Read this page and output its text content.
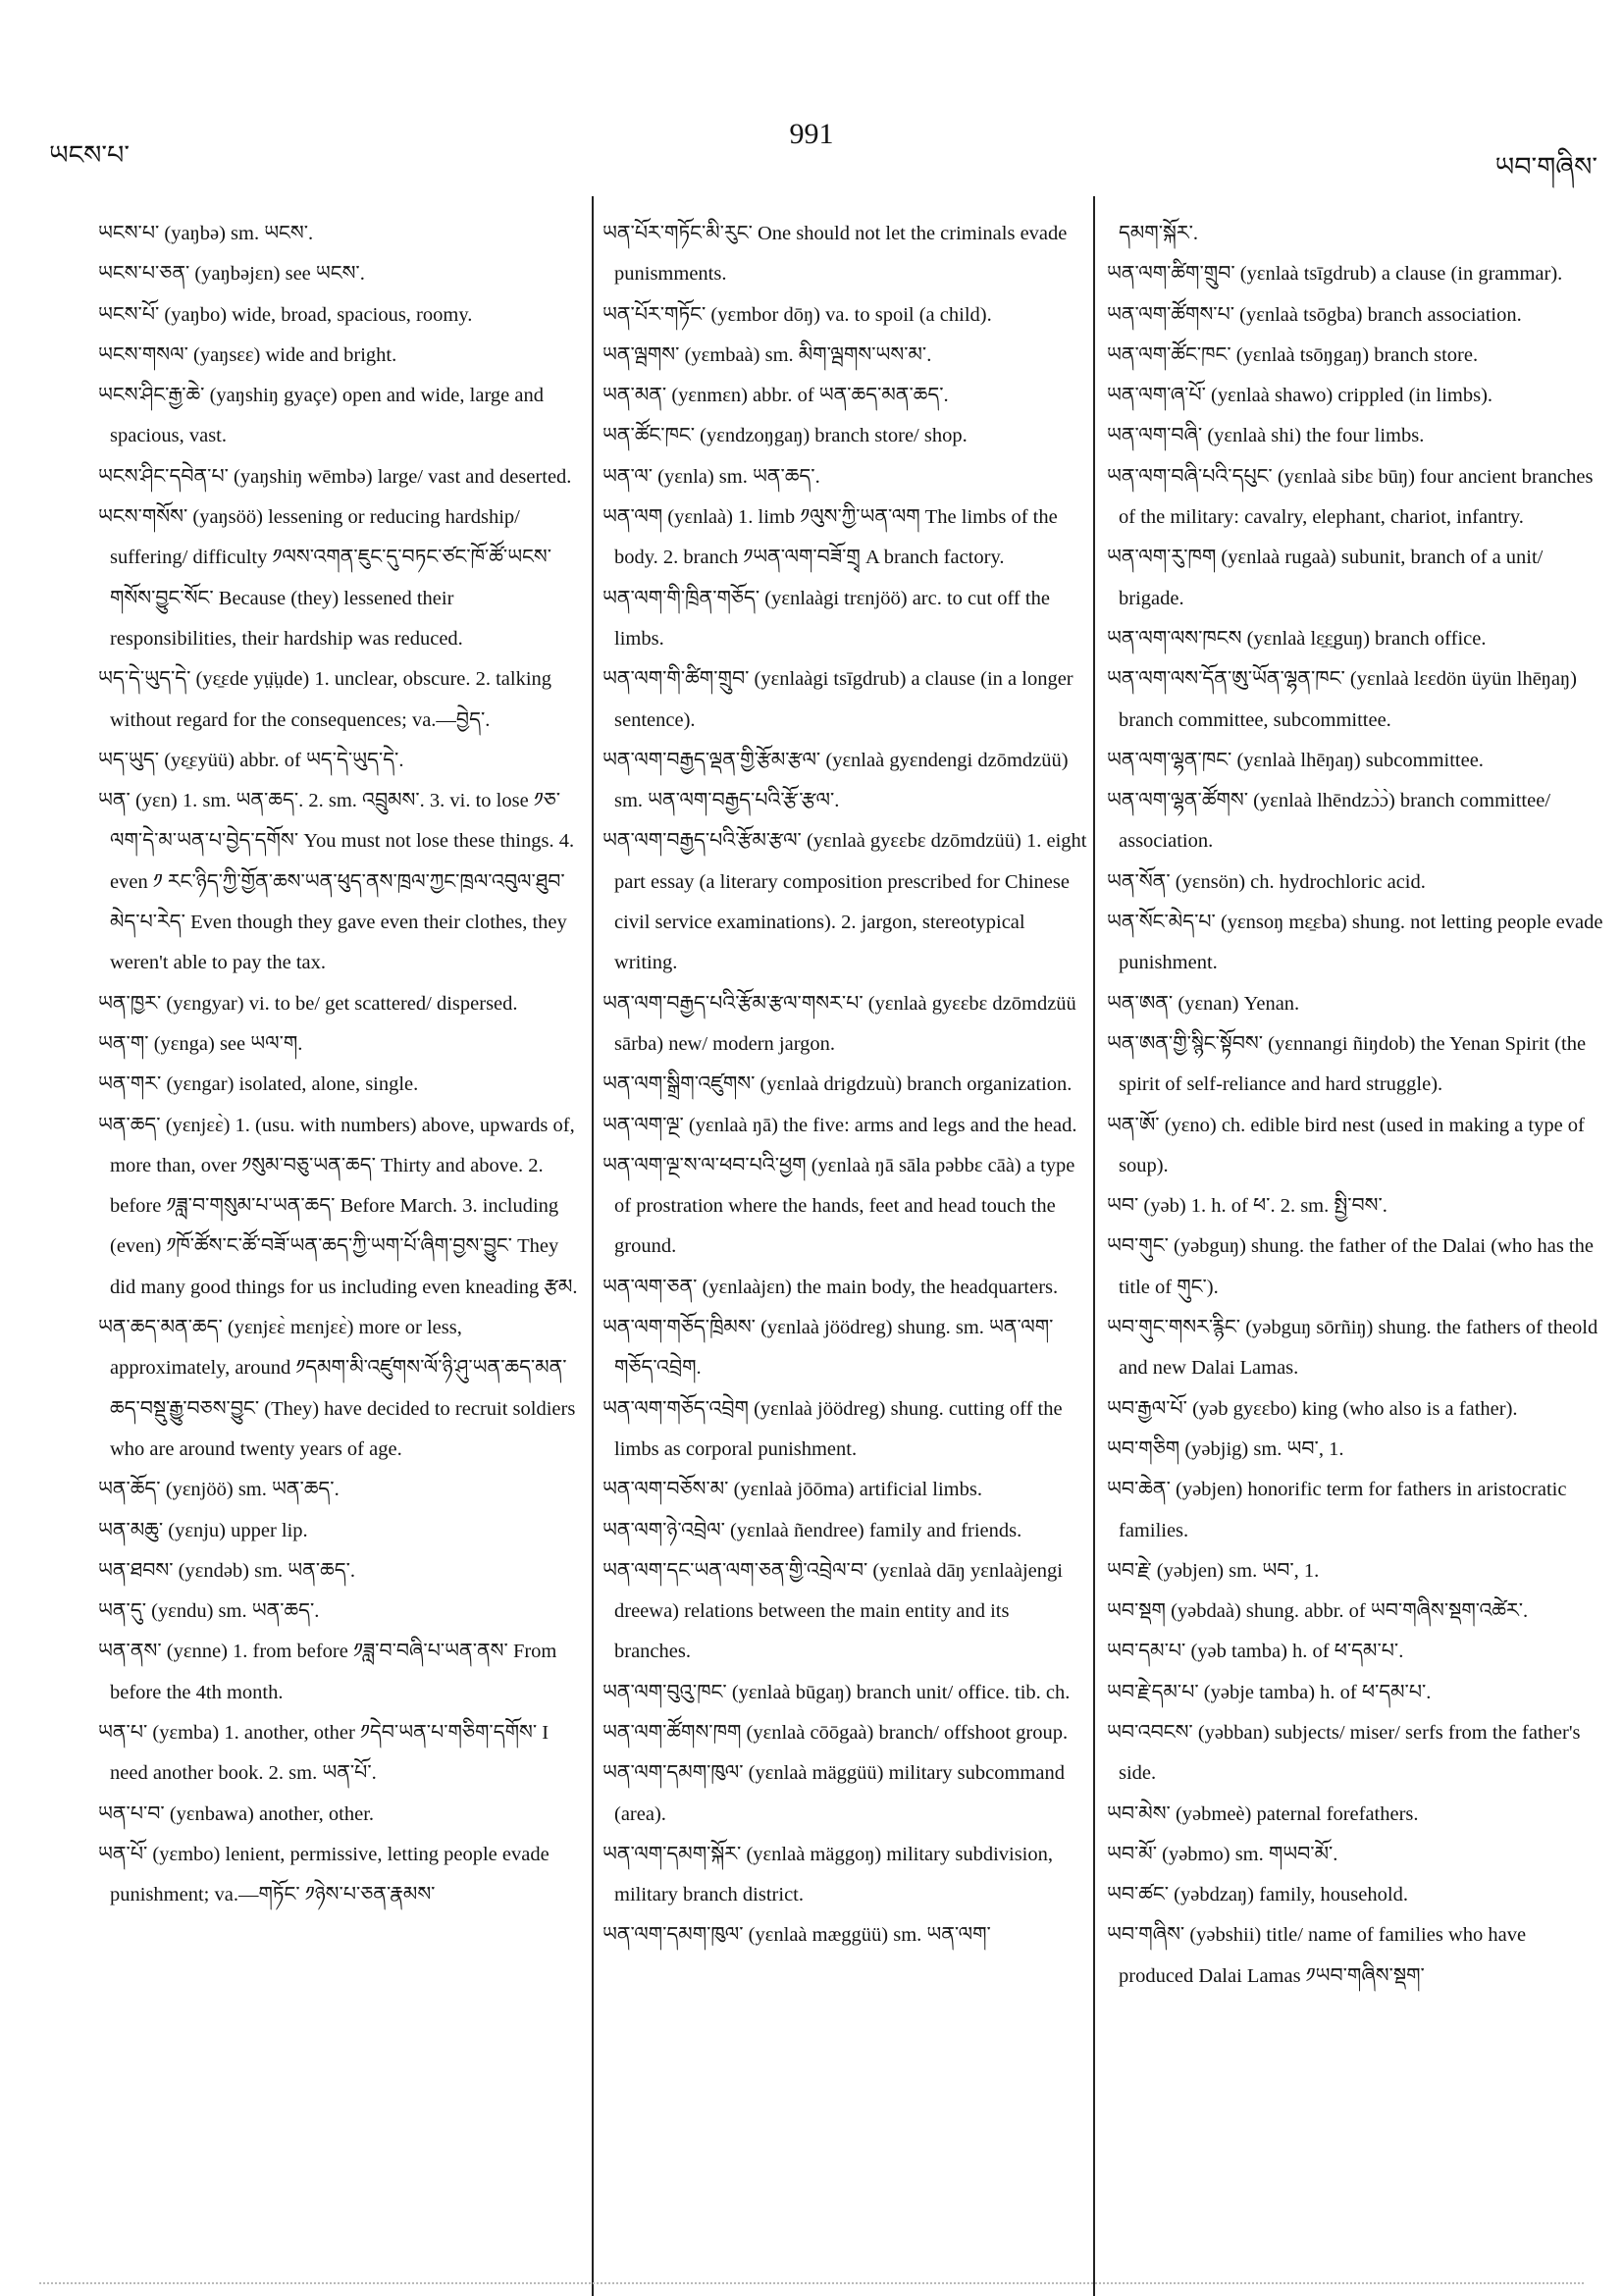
ཡངས་པ་
991
ཡབ་གཞིས་

ཡངས་པ་ (yaŋbə) sm. ཡངས་.

ཡངས་པ་ཅན་ (yaŋbəjɛn) see ཡངས་.

ཡངས་པོ་ (yaŋbo) wide, broad, spacious, roomy.

ཡངས་གསལ་ (yaŋsɛɛ) wide and bright.

ཡངས་ཤིང་རྒྱ་ཆེ་ (yaŋshiŋ gyaçe) open and wide, large and spacious, vast.

ཡངས་ཤིང་དབེན་པ་ (yaŋshiŋ wēmbə) large/ vast and deserted.

ཡངས་གསོས་ (yaŋsöö) lessening or reducing hardship/ suffering/ difficulty ༡ལས་འགན་ཇུང་དུ་བཏང་ཙང་ཁོ་ཚོ་ཡངས་གསོས་བྱུང་སོང་ Because (they) lessened their responsibilities, their hardship was reduced.

ཡད་དེ་ཡུད་དེ་ (yɛ̱ɛde yṳ̈ṳde) 1. unclear, obscure. 2. talking without regard for the consequences; va.—བྱེད་.

ཡད་ཡུད་ (yɛ̱ɛyüü) abbr. of ཡད་དེ་ཡུད་དེ་.

ཡན་ (yɛn) 1. sm. ཡན་ཆད་. 2. sm. འབྲུམས་. 3. vi. to lose ༡ཅ་ལག་དེ་མ་ཡན་པ་བྱེད་དགོས་ You must not lose these things. 4. even ༡ རང་ཉིད་ཀྱི་གྱོན་ཆས་ཡན་ཕུད་ནས་ཁྲལ་ཀྱང་ཁྲལ་འབུལ་ཐུབ་མེད་པ་རེད་ Even though they gave even their clothes, they weren't able to pay the tax.

ཡན་ཁྱར་ (yɛngyar) vi. to be/ get scattered/ dispersed.

ཡན་ག་ (yɛnga) see ཡལ་ག.

ཡན་གར་ (yɛngar) isolated, alone, single.

ཡན་ཆད་ (yɛnjɛɛ̀) 1. (usu. with numbers) above, upwards of, more than, over ༡སུམ་བཅུ་ཡན་ཆད་ Thirty and above. 2. before ༡ཟླ་བ་གསུམ་པ་ཡན་ཆད་ Before March. 3. including (even) ༡ཁོ་ཚོས་ང་ཚོ་བཟོ་ཡན་ཆད་ཀྱི་ཡག་པོ་ཞིག་བྱས་བྱུང་ They did many good things for us including even kneading རྩམ.

ཡན་ཆད་མན་ཆད་ (yɛnjɛɛ̀ mɛnjɛɛ̀) more or less, approximately, around ༡དམག་མི་འཛུགས་ལོ་ཉི་ཤུ་ཡན་ཆད་མན་ཆད་བསྡུ་རྒྱུ་བཅས་བྱུང་ (They) have decided to recruit soldiers who are around twenty years of age.

ཡན་ཆོད་ (yɛnjöö) sm. ཡན་ཆད་.

ཡན་མཆུ་ (yɛnju) upper lip.

ཡན་ཐབས་ (yɛndəb) sm. ཡན་ཆད་.

ཡན་དུ་ (yɛndu) sm. ཡན་ཆད་.

ཡན་ནས་ (yɛnne) 1. from before ༡ཟླ་བ་བཞི་པ་ཡན་ནས་ From before the 4th month.

ཡན་པ་ (yɛmba) 1. another, other ༡དེབ་ཡན་པ་གཅིག་དགོས་ I need another book. 2. sm. ཡན་པོ་.

ཡན་པ་བ་ (yɛnbawa) another, other.

ཡན་པོ་ (yɛmbo) lenient, permissive, letting people evade punishment; va.—གཏོང་ ༡ཉེས་པ་ཅན་རྣམས་

ཡན་པོར་གཏོང་མི་རུང་ One should not let the criminals evade punismments.

ཡན་པོར་གཏོང་ (yɛmbor dōŋ) va. to spoil (a child).

ཡན་ལྦགས་ (yɛmbaà) sm. མིག་ལྦགས་ཡས་མ་.

ཡན་མན་ (yɛnmɛn) abbr. of ཡན་ཆད་མན་ཆད་.

ཡན་ཚོང་ཁང་ (yɛndzoŋgaŋ) branch store/ shop.

ཡན་ལ་ (yɛnla) sm. ཡན་ཆད་.

ཡན་ལག (yɛnlaà) 1. limb ༡ལུས་ཀྱི་ཡན་ལག The limbs of the body. 2. branch ༡ཡན་ལག་བཟོ་གྲྭ A branch factory.

ཡན་ལག་གི་ཁྲིན་གཅོད་ (yɛnlaàgi trɛnjöö) arc. to cut off the limbs.

ཡན་ལག་གི་ཚིག་གྲུབ་ (yɛnlaàgi tsīgdrub) a clause (in a longer sentence).

ཡན་ལག་བརྒྱད་ལྡན་གྱི་རྩོམ་རྩལ་ (yɛnlaà gyɛndengi dzōmdzüü) sm. ཡན་ལག་བརྒྱད་པའི་རྩོ་རྩལ་.

ཡན་ལག་བརྒྱད་པའི་རྩོམ་རྩལ་ (yɛnlaà gyɛɛbɛ dzōmdzüü) 1. eight part essay (a literary composition prescribed for Chinese civil service examinations). 2. jargon, stereotypical writing.

ཡན་ལག་བརྒྱད་པའི་རྩོམ་རྩལ་གསར་པ་ (yɛnlaà gyɛɛbɛ dzōmdzüü sārba) new/ modern jargon.

ཡན་ལག་སྒྲིག་འཛུགས་ (yɛnlaà drigdzuù) branch organization.

ཡན་ལག་ལྔ་ (yɛnlaà ŋā) the five: arms and legs and the head.

ཡན་ལག་ལྔ་ས་ལ་ཕབ་པའི་ཕྱག (yɛnlaà ŋā sāla pəbbɛ cāà) a type of prostration where the hands, feet and head touch the ground.

ཡན་ལག་ཅན་ (yɛnlaàjɛn) the main body, the headquarters.

ཡན་ལག་གཅོད་ཁྲིམས་ (yɛnlaà jöödreg) shung. sm. ཡན་ལག་གཅོད་འབྲེག.

ཡན་ལག་གཅོད་འབྲེག (yɛnlaà jöödreg) shung. cutting off the limbs as corporal punishment.

ཡན་ལག་བཅོས་མ་ (yɛnlaà jōōma) artificial limbs.

ཡན་ལག་ཉེ་འབྲེལ་ (yɛnlaà ñendree) family and friends.

ཡན་ལག་དང་ཡན་ལག་ཅན་གྱི་འབྲེལ་བ་ (yɛnlaà dāŋ yɛnlaàjengi dreewa) relations between the main entity and its branches.

ཡན་ལག་བུའུ་ཁང་ (yɛnlaà būgaŋ) branch unit/ office. tib. ch.

ཡན་ལག་ཚོགས་ཁག (yɛnlaà cōōgaà) branch/ offshoot group.

ཡན་ལག་དམག་ཁུལ་ (yɛnlaà mäggüü) military subcommand (area).

ཡན་ལག་དམག་སྐོར་ (yɛnlaà mäggoŋ) military subdivision, military branch district.

ཡན་ལག་དམག་ཁུལ་ (yɛnlaà mæggüü) sm. ཡན་ལག་

དམག་སྐོར་.

ཡན་ལག་ཚིག་གྲུབ་ (yɛnlaà tsīgdrub) a clause (in grammar).

ཡན་ལག་ཚོགས་པ་ (yɛnlaà tsōgba) branch association.

ཡན་ལག་ཚོང་ཁང་ (yɛnlaà tsōŋgaŋ) branch store.

ཡན་ལག་ཞ་པོ་ (yɛnlaà shawo) crippled (in limbs).

ཡན་ལག་བཞི་ (yɛnlaà shi) the four limbs.

ཡན་ལག་བཞི་པའི་དཔུང་ (yɛnlaà sibɛ būŋ) four ancient branches of the military: cavalry, elephant, chariot, infantry.

ཡན་ལག་རུ་ཁག (yɛnlaà rugaà) subunit, branch of a unit/ brigade.

ཡན་ལག་ལས་ཁངས (yɛnlaà lɛ̱ɛ̱guŋ) branch office.

ཡན་ལག་ལས་དོན་ཨུ་ཡོན་ལྷན་ཁང་ (yɛnlaà lɛɛdön üyün lhēŋaŋ) branch committee, subcommittee.

ཡན་ལག་ལྷན་ཁང་ (yɛnlaà lhēŋaŋ) subcommittee.

ཡན་ལག་ལྷན་ཚོགས་ (yɛnlaà lhēndzɔ̀ɔ̀) branch committee/ association.

ཡན་སོན་ (yɛnsön) ch. hydrochloric acid.

ཡན་སོང་མེད་པ་ (yɛnsoŋ mɛ̱ɛba) shung. not letting people evade punishment.

ཡན་ཨན་ (yɛnan) Yenan.

ཡན་ཨན་གྱི་སྙིང་སྟོབས་ (yɛnnangi ñiŋdob) the Yenan Spirit (the spirit of self-reliance and hard struggle).

ཡན་ཨོ་ (yɛno) ch. edible bird nest (used in making a type of soup).

ཡབ་ (yəb) 1. h. of ཕ་. 2. sm. སྤྱི་བས་.

ཡབ་གུང་ (yəbguŋ) shung. the father of the Dalai (who has the title of གུང་).

ཡབ་གུང་གསར་རྙིང་ (yəbguŋ sōrñiŋ) shung. the fathers of theold and new Dalai Lamas.

ཡབ་རྒྱལ་པོ་ (yəb gyɛɛbo) king (who also is a father).

ཡབ་གཅིག (yəbjig) sm. ཡབ་, 1.

ཡབ་ཆེན་ (yəbjen) honorific term for fathers in aristocratic families.

ཡབ་རྗེ་ (yəbjen) sm. ཡབ་, 1.

ཡབ་སྡག (yəbdaà) shung. abbr. of ཡབ་གཞིས་སྡག་འཚེར་.

ཡབ་དམ་པ་ (yəb tamba) h. of ཕ་དམ་པ་.

ཡབ་རྗེ་དམ་པ་ (yəbje tamba) h. of ཕ་དམ་པ་.

ཡབ་འབངས་ (yəbban) subjects/ miser/ serfs from the father's side.

ཡབ་མེས་ (yəbmeè) paternal forefathers.

ཡབ་མོ་ (yəbmo) sm. གཡབ་མོ་.

ཡབ་ཚང་ (yəbdzaŋ) family, household.

ཡབ་གཞིས་ (yəbshii) title/ name of families who have produced Dalai Lamas ༡ཡབ་གཞིས་སྡག་
